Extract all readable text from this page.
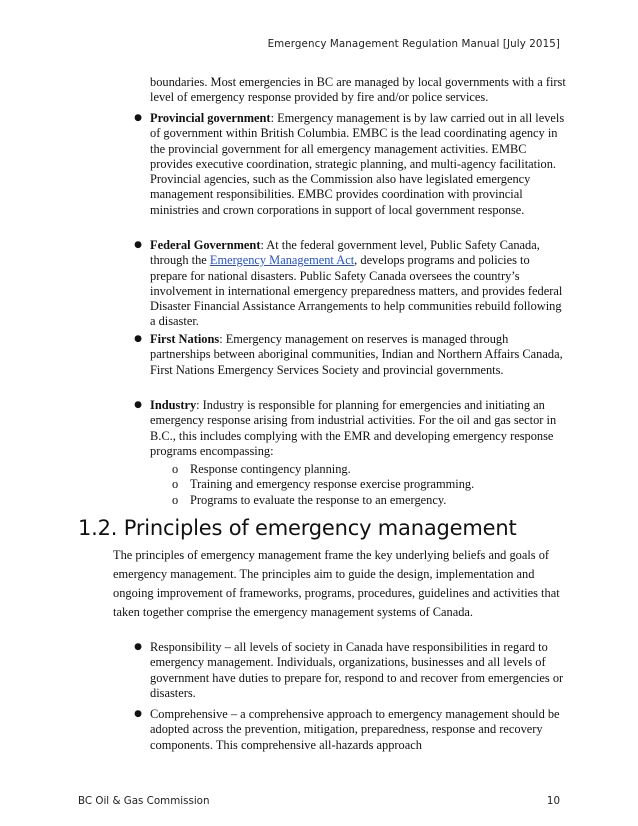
Emergency Management Regulation Manual [July 2015]

boundaries. Most emergencies in BC are managed by local governments with a first level of emergency response provided by fire and/or police services.

● Provincial government: Emergency management is by law carried out in all levels of government within British Columbia. EMBC is the lead coordinating agency in the provincial government for all emergency management activities. EMBC provides executive coordination, strategic planning, and multi-agency facilitation. Provincial agencies, such as the Commission also have legislated emergency management responsibilities. EMBC provides coordination with provincial ministries and crown corporations in support of local government response.
● Federal Government: At the federal government level, Public Safety Canada, through the Emergency Management Act, develops programs and policies to prepare for national disasters. Public Safety Canada oversees the country’s involvement in international emergency preparedness matters, and provides federal Disaster Financial Assistance Arrangements to help communities rebuild following a disaster.
● First Nations: Emergency management on reserves is managed through partnerships between aboriginal communities, Indian and Northern Affairs Canada, First Nations Emergency Services Society and provincial governments.
● Industry: Industry is responsible for planning for emergencies and initiating an emergency response arising from industrial activities. For the oil and gas sector in B.C., this includes complying with the EMR and developing emergency response programs encompassing:
o Response contingency planning.
o Training and emergency response exercise programming.
o Programs to evaluate the response to an emergency.
1.2. Principles of emergency management

The principles of emergency management frame the key underlying beliefs and goals of emergency management. The principles aim to guide the design, implementation and ongoing improvement of frameworks, programs, procedures, guidelines and activities that taken together comprise the emergency management systems of Canada.

● Responsibility – all levels of society in Canada have responsibilities in regard to emergency management. Individuals, organizations, businesses and all levels of government have duties to prepare for, respond to and recover from emergencies or disasters.
● Comprehensive – a comprehensive approach to emergency management should be adopted across the prevention, mitigation, preparedness, response and recovery components. This comprehensive all-hazards approach
BC Oil & Gas Commission	10
